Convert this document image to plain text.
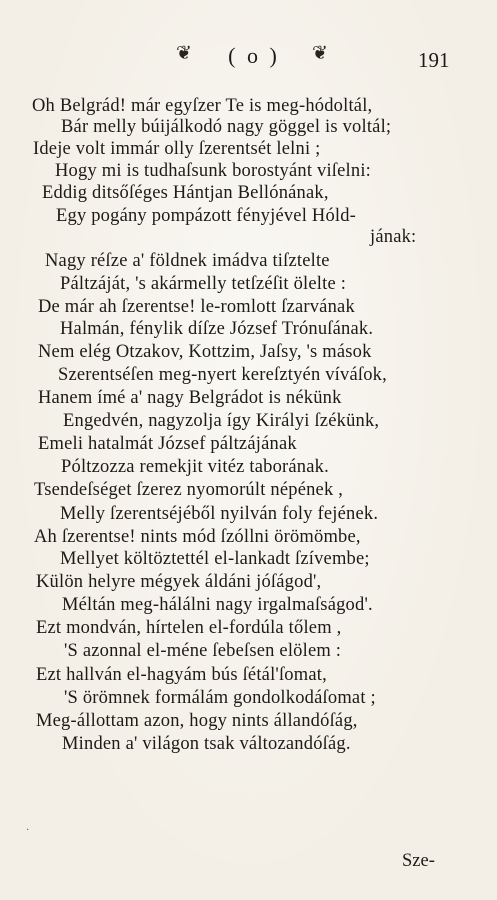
❦	( o )	❦	191
Oh Belgrád! már egyſzer Te is meg-hódoltál,
Bár melly búijálkodó nagy göggel is voltál;
Ideje volt immár olly ſzerentsét lelni ;
Hogy mi is tudhaſsunk borostyánt viſelni:
Eddig ditsőſéges Hántjan Bellónának,
Egy pogány pompázott fényjével Hóld-
jának:
Nagy réſze a' földnek imádva tiſztelte
Páltzáját, 's akármelly tetſzéſit ölelte :
De már ah ſzerentse! le-romlott ſzarvának
Halmán, fénylik díſze József Trónuſának.
Nem elég Otzakov, Kottzim, Jaſsy, 's mások
Szerentséſen meg-nyert kereſztyén víváſok,
Hanem ímé a' nagy Belgrádot is nékünk
Engedvén, nagyzolja így Királyi ſzékünk,
Emeli hatalmát József páltzájának
Póltzozza remekjit vitéz taborának.
Tsendeſséget ſzerez nyomorúlt népének ,
Melly ſzerentséjéből nyilván foly fejének.
Ah ſzerentse! nints mód ſzóllni örömömbe,
Mellyet költöztettél el-lankadt ſzívembe;
Külön helyre mégyek áldáni jóſágod',
Méltán meg-hálálni nagy irgalmaſságod'.
Ezt mondván, hírtelen el-fordúla tőlem ,
'S azonnal el-méne ſebeſsen elölem :
Ezt hallván el-hagyám bús ſétál'ſomat,
'S örömnek formálám gondolkodáſomat ;
Meg-állottam azon, hogy nints állandóſág,
Minden a' világon tsak változandóſág.
·
Sze-
